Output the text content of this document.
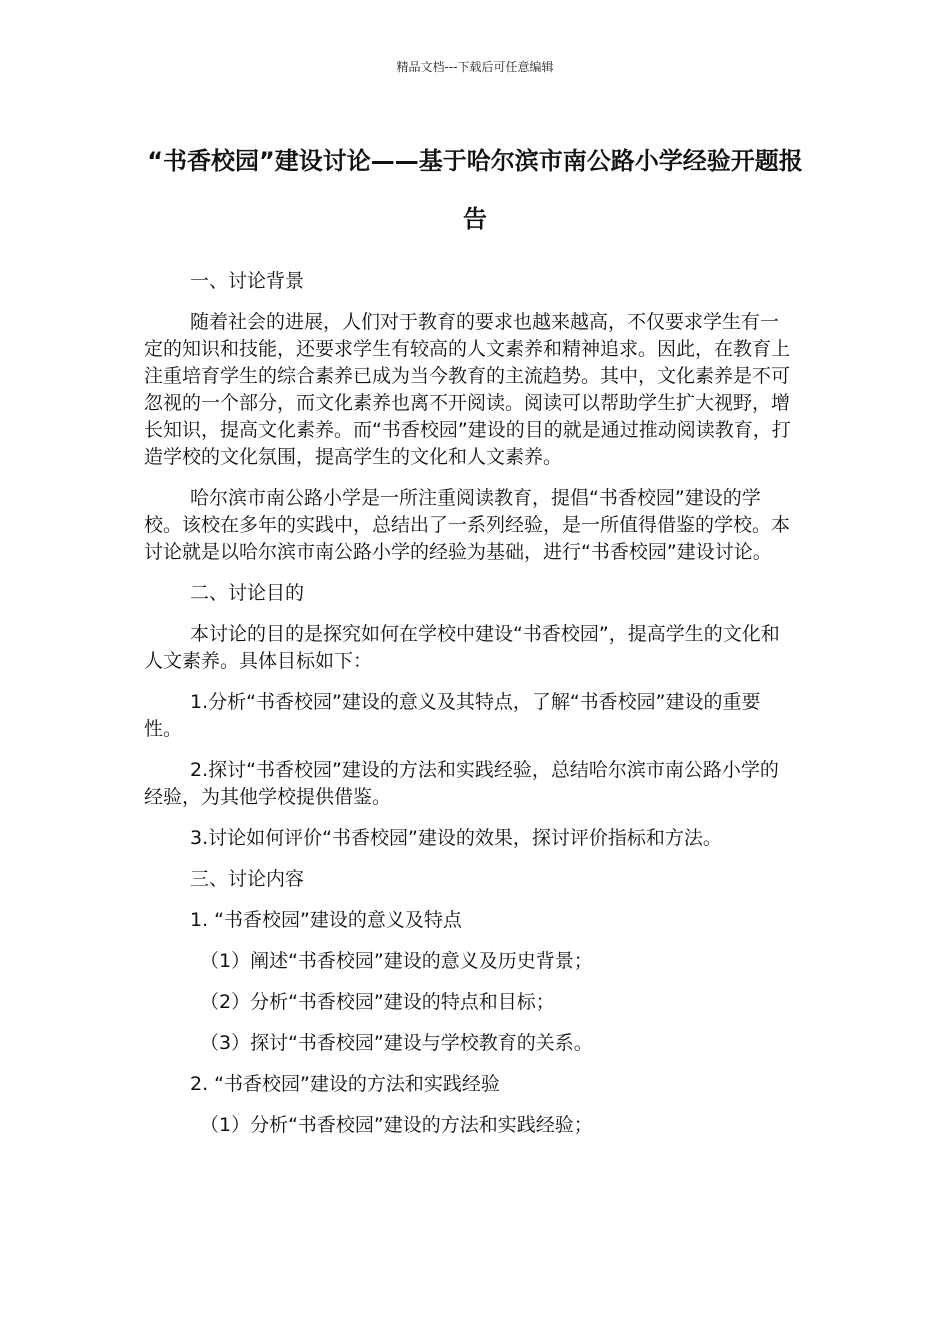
精品文档---下载后可任意编辑
“书香校园”建设讨论——基于哈尔滨市南公路小学经验开题报告

一、讨论背景

随着社会的进展，人们对于教育的要求也越来越高，不仅要求学生有一定的知识和技能，还要求学生有较高的人文素养和精神追求。因此，在教育上注重培育学生的综合素养已成为当今教育的主流趋势。其中，文化素养是不可忽视的一个部分，而文化素养也离不开阅读。阅读可以帮助学生扩大视野，增长知识，提高文化素养。而“书香校园”建设的目的就是通过推动阅读教育，打造学校的文化氛围，提高学生的文化和人文素养。

哈尔滨市南公路小学是一所注重阅读教育，提倡“书香校园”建设的学校。该校在多年的实践中，总结出了一系列经验，是一所值得借鉴的学校。本讨论就是以哈尔滨市南公路小学的经验为基础，进行“书香校园”建设讨论。

二、讨论目的

本讨论的目的是探究如何在学校中建设“书香校园”，提高学生的文化和人文素养。具体目标如下：

1.分析“书香校园”建设的意义及其特点，了解“书香校园”建设的重要性。

2.探讨“书香校园”建设的方法和实践经验，总结哈尔滨市南公路小学的经验，为其他学校提供借鉴。

3.讨论如何评价“书香校园”建设的效果，探讨评价指标和方法。

三、讨论内容

1. “书香校园”建设的意义及特点

（1）阐述“书香校园”建设的意义及历史背景；

（2）分析“书香校园”建设的特点和目标；

（3）探讨“书香校园”建设与学校教育的关系。

2. “书香校园”建设的方法和实践经验

（1）分析“书香校园”建设的方法和实践经验；
